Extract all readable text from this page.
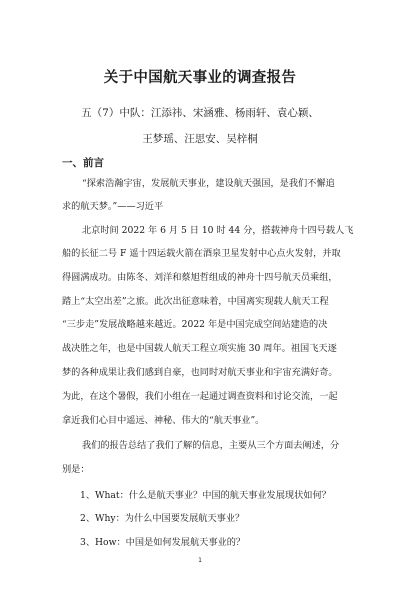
关于中国航天事业的调查报告
五（7）中队：江添祎、宋涵雅、杨雨轩、袁心颖、
王梦瑶、汪思安、吴梓桐
一、前言
“探索浩瀚宇宙，发展航天事业，建设航天强国，是我们不懈追
求的航天梦。”——习近平
北京时间 2022 年 6 月 5 日 10 时 44 分，搭载神舟十四号载人飞
船的长征二号 F 遥十四运载火箭在酒泉卫星发射中心点火发射，并取
得圆满成功。由陈冬、刘洋和蔡旭哲组成的神舟十四号航天员乘组，
踏上“太空出差”之旅。此次出征意味着，中国离实现载人航天工程
“三步走”发展战略越来越近。2022 年是中国完成空间站建造的决
战决胜之年，也是中国载人航天工程立项实施 30 周年。祖国飞天逐
梦的各种成果让我们感到自豪，也同时对航天事业和宇宙充满好奇。
为此，在这个暑假，我们小组在一起通过调查资料和讨论交流，一起
拿近我们心目中遥远、神秘、伟大的“航天事业”。
我们的报告总结了我们了解的信息，主要从三个方面去阐述，分
别是：
1、What：什么是航天事业？中国的航天事业发展现状如何？
2、Why：为什么中国要发展航天事业？
3、How：中国是如何发展航天事业的？
1
